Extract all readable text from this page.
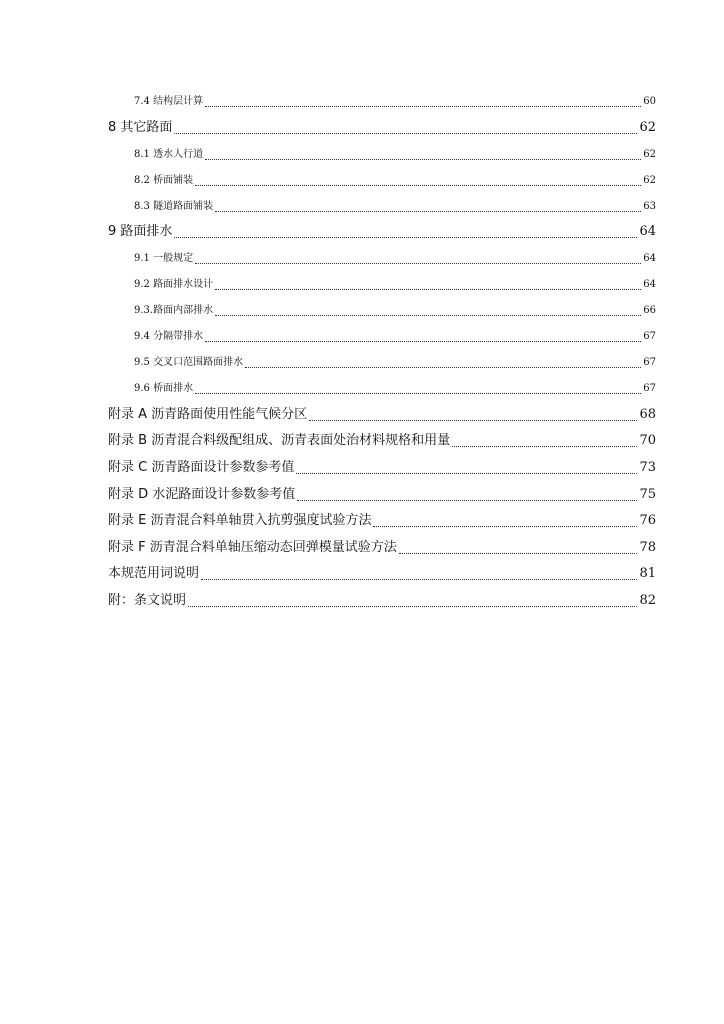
7.4 结构层计算	60
8 其它路面	62
8.1 透水人行道	62
8.2 桥面铺装	62
8.3 隧道路面铺装	63
9 路面排水	64
9.1 一般规定	64
9.2 路面排水设计	64
9.3.路面内部排水	66
9.4 分隔带排水	67
9.5 交叉口范围路面排水	67
9.6 桥面排水	67
附录 A 沥青路面使用性能气候分区	68
附录 B 沥青混合料级配组成、沥青表面处治材料规格和用量	70
附录 C 沥青路面设计参数参考值	73
附录 D 水泥路面设计参数参考值	75
附录 E 沥青混合料单轴贯入抗剪强度试验方法	76
附录 F 沥青混合料单轴压缩动态回弹模量试验方法	78
本规范用词说明	81
附：条文说明	82
